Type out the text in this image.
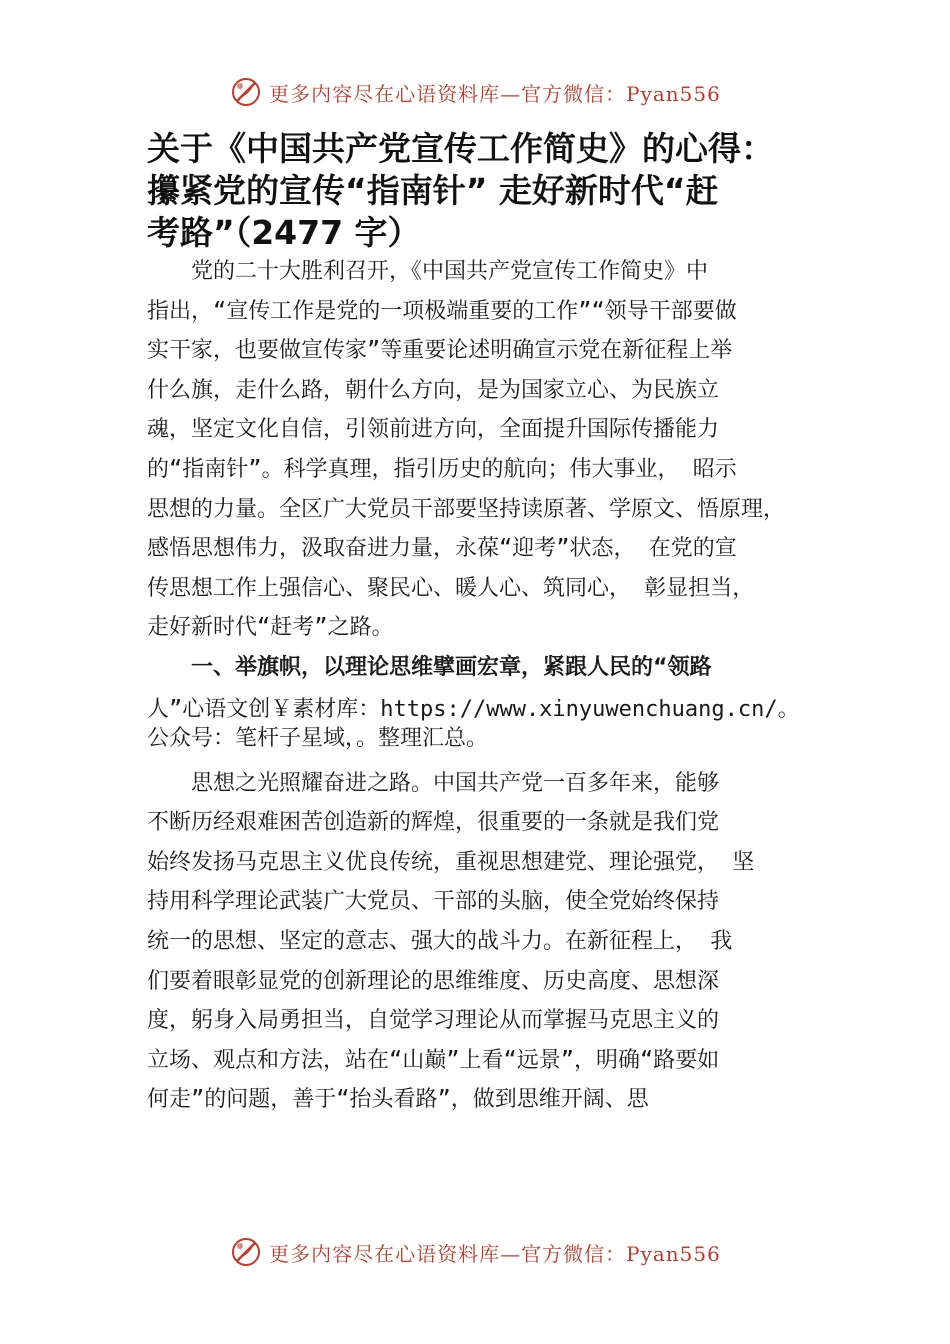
更多内容尽在心语资料库—官方微信：Pyan556
关于《中国共产党宣传工作简史》的心得：
攥紧党的宣传“指南针” 走好新时代“赶
考路”（2477 字）
　　党的二十大胜利召开，《中国共产党宣传工作简史》中
指出，“宣传工作是党的一项极端重要的工作”“领导干部要做
实干家，也要做宣传家”等重要论述明确宣示党在新征程上举
什么旗，走什么路，朝什么方向，是为国家立心、为民族立
魂，坚定文化自信，引领前进方向，全面提升国际传播能力
的“指南针”。科学真理，指引历史的航向；伟大事业， 昭示
思想的力量。全区广大党员干部要坚持读原著、学原文、悟原理，
感悟思想伟力，汲取奋进力量，永葆“迎考”状态， 在党的宣
传思想工作上强信心、聚民心、暖人心、筑同心， 彰显担当，
走好新时代“赶考”之路。
　　一、举旗帜，以理论思维擘画宏章，紧跟人民的“领路
人”心语文创￥素材库：https://www.xinyuwenchuang.cn/。
公众号：笔杆子星域，。整理汇总。
　　思想之光照耀奋进之路。中国共产党一百多年来，能够
不断历经艰难困苦创造新的辉煌，很重要的一条就是我们党
始终发扬马克思主义优良传统，重视思想建党、理论强党， 坚
持用科学理论武装广大党员、干部的头脑，使全党始终保持
统一的思想、坚定的意志、强大的战斗力。在新征程上， 我
们要着眼彰显党的创新理论的思维维度、历史高度、思想深
度，躬身入局勇担当，自觉学习理论从而掌握马克思主义的
立场、观点和方法，站在“山巅”上看“远景”，明确“路要如
何走”的问题，善于“抬头看路”，做到思维开阔、思
更多内容尽在心语资料库—官方微信：Pyan556
